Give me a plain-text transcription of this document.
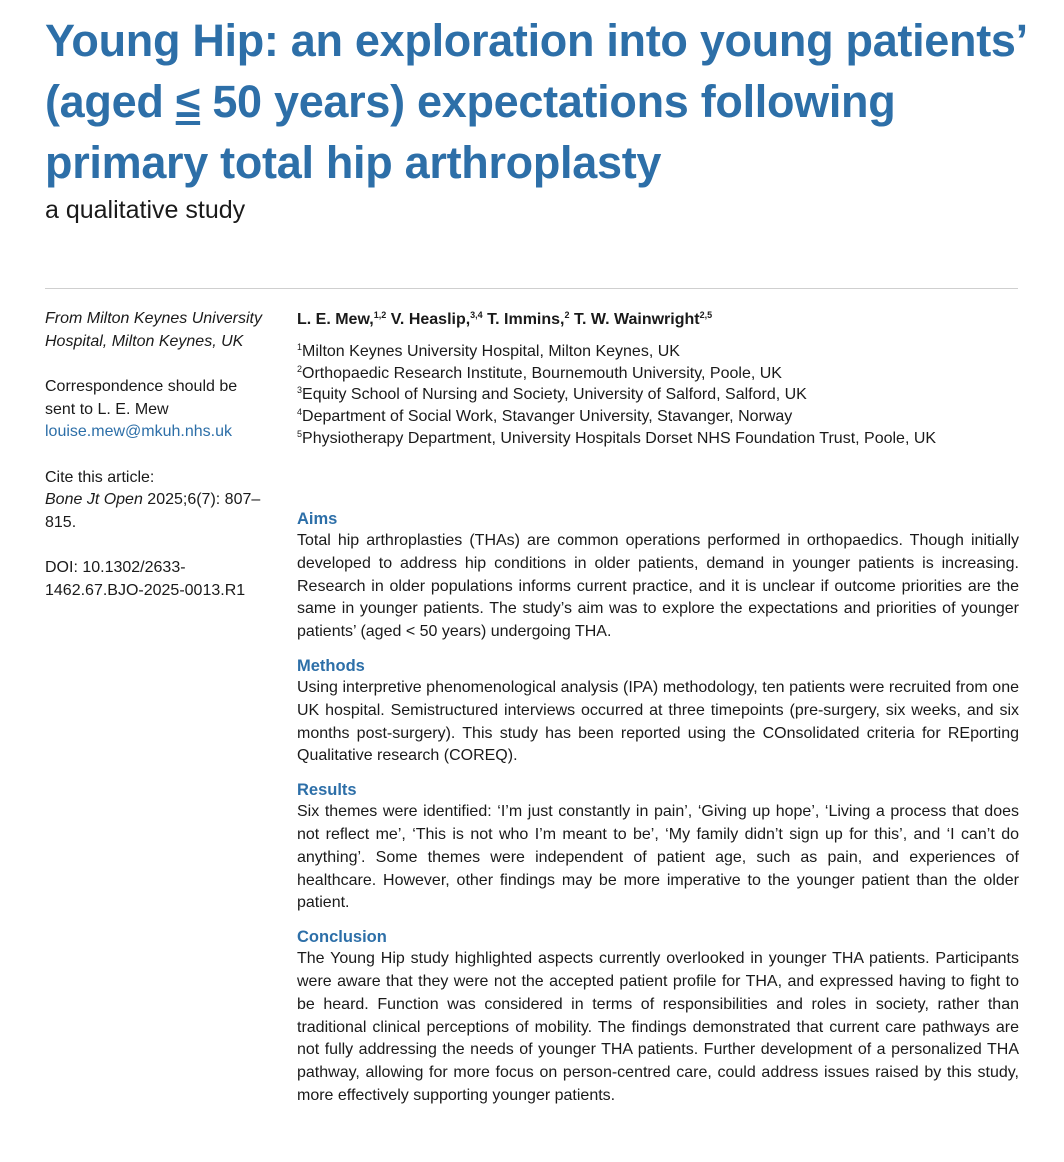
Young Hip: an exploration into young patients’ (aged ≤ 50 years) expectations following primary total hip arthroplasty

a qualitative study

From Milton Keynes University Hospital, Milton Keynes, UK

Correspondence should be sent to L. E. Mew louise.mew@mkuh.nhs.uk

Cite this article:
Bone Jt Open 2025;6(7): 807–815.

DOI: 10.1302/2633-1462.67.BJO-2025-0013.R1

L. E. Mew,$^{1,2}$ V. Heaslip,$^{3,4}$ T. Immins,$^2$ T. W. Wainwright$^{2,5}$

$^1$Milton Keynes University Hospital, Milton Keynes, UK
$^2$Orthopaedic Research Institute, Bournemouth University, Poole, UK
$^3$Equity School of Nursing and Society, University of Salford, Salford, UK
$^4$Department of Social Work, Stavanger University, Stavanger, Norway
$^5$Physiotherapy Department, University Hospitals Dorset NHS Foundation Trust, Poole, UK
Aims

Total hip arthroplasties (THAs) are common operations performed in orthopaedics. Though initially developed to address hip conditions in older patients, demand in younger patients is increasing. Research in older populations informs current practice, and it is unclear if outcome priorities are the same in younger patients. The study’s aim was to explore the expectations and priorities of younger patients’ (aged < 50 years) undergoing THA.

Methods

Using interpretive phenomenological analysis (IPA) methodology, ten patients were recruited from one UK hospital. Semistructured interviews occurred at three timepoints (pre-surgery, six weeks, and six months post-surgery). This study has been reported using the COnsolidated criteria for REporting Qualitative research (COREQ).

Results

Six themes were identified: ‘I’m just constantly in pain’, ‘Giving up hope’, ‘Living a process that does not reflect me’, ‘This is not who I’m meant to be’, ‘My family didn’t sign up for this’, and ‘I can’t do anything’. Some themes were independent of patient age, such as pain, and experiences of healthcare. However, other findings may be more imperative to the younger patient than the older patient.

Conclusion

The Young Hip study highlighted aspects currently overlooked in younger THA patients. Participants were aware that they were not the accepted patient profile for THA, and expressed having to fight to be heard. Function was considered in terms of responsibilities and roles in society, rather than traditional clinical perceptions of mobility. The findings demonstrated that current care pathways are not fully addressing the needs of younger THA patients. Further development of a personalized THA pathway, allowing for more focus on person-centred care, could address issues raised by this study, more effectively supporting younger patients.
